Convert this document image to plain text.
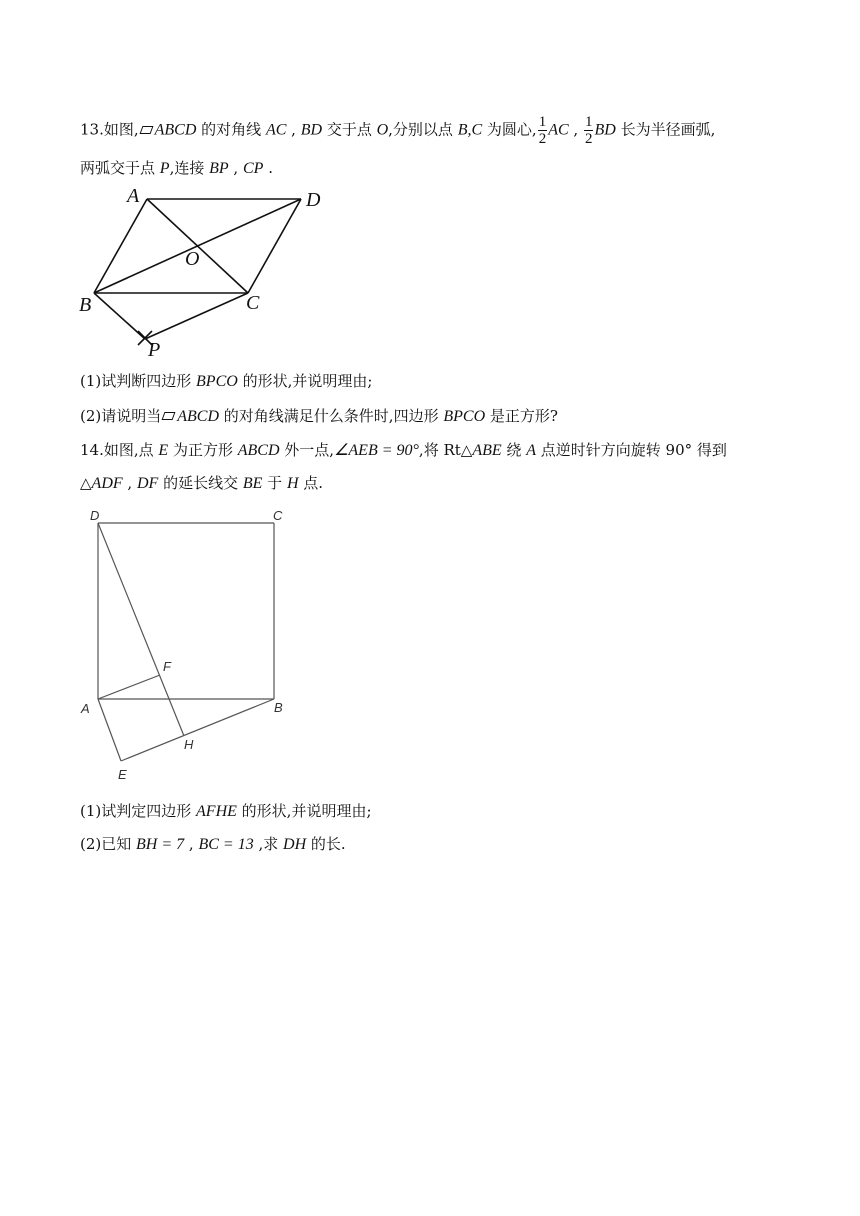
13.如图, ABCD 的对角线 AC , BD 交于点 O,分别以点 B,C 为圆心, $\frac{1}{2}$ AC , $\frac{1}{2}$ BD 长为半径画弧,
两弧交于点 P,连接 BP , CP .
A	D
O
B	C
P
(1)试判断四边形 BPCO 的形状,并说明理由;
(2)请说明当 ABCD 的对角线满足什么条件时,四边形 BPCO 是正方形?
14.如图,点 E 为正方形 ABCD 外一点,∠AEB = 90°,将 Rt△ABE 绕 A 点逆时针方向旋转 90° 得到
△ADF , DF 的延长线交 BE 于 H 点.
D	C
F
A	B
H
E
(1)试判定四边形 AFHE 的形状,并说明理由;
(2)已知 BH = 7 , BC = 13 ,求 DH 的长.
